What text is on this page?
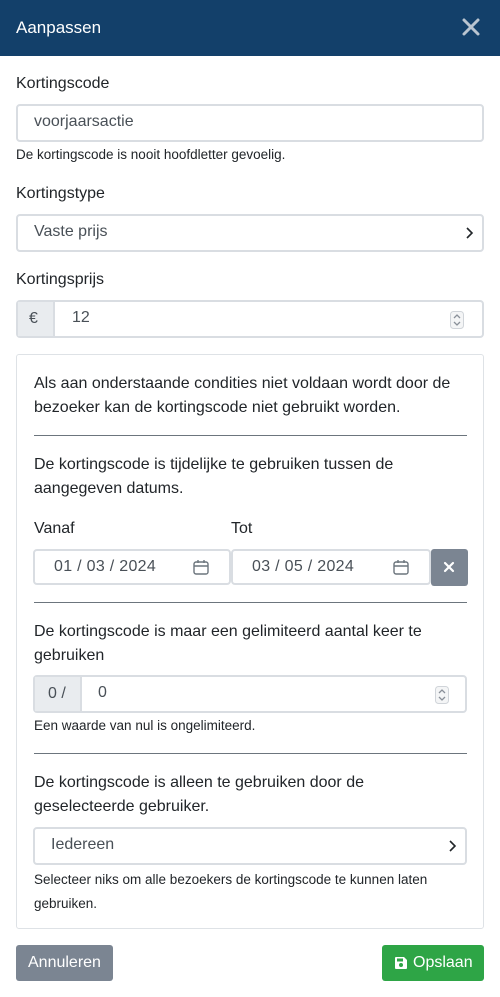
Aanpassen
Kortingscode
voorjaarsactie
De kortingscode is nooit hoofdletter gevoelig.
Kortingstype
Vaste prijs
Kortingsprijs
€ 12
Als aan onderstaande condities niet voldaan wordt door de bezoeker kan de kortingscode niet gebruikt worden.
De kortingscode is tijdelijke te gebruiken tussen de aangegeven datums.
Vanaf	Tot
01 / 03 / 2024	03 / 05 / 2024
De kortingscode is maar een gelimiteerd aantal keer te gebruiken
0 / 0
Een waarde van nul is ongelimiteerd.
De kortingscode is alleen te gebruiken door de geselecteerde gebruiker.
Iedereen
Selecteer niks om alle bezoekers de kortingscode te kunnen laten gebruiken.
Annuleren	Opslaan
